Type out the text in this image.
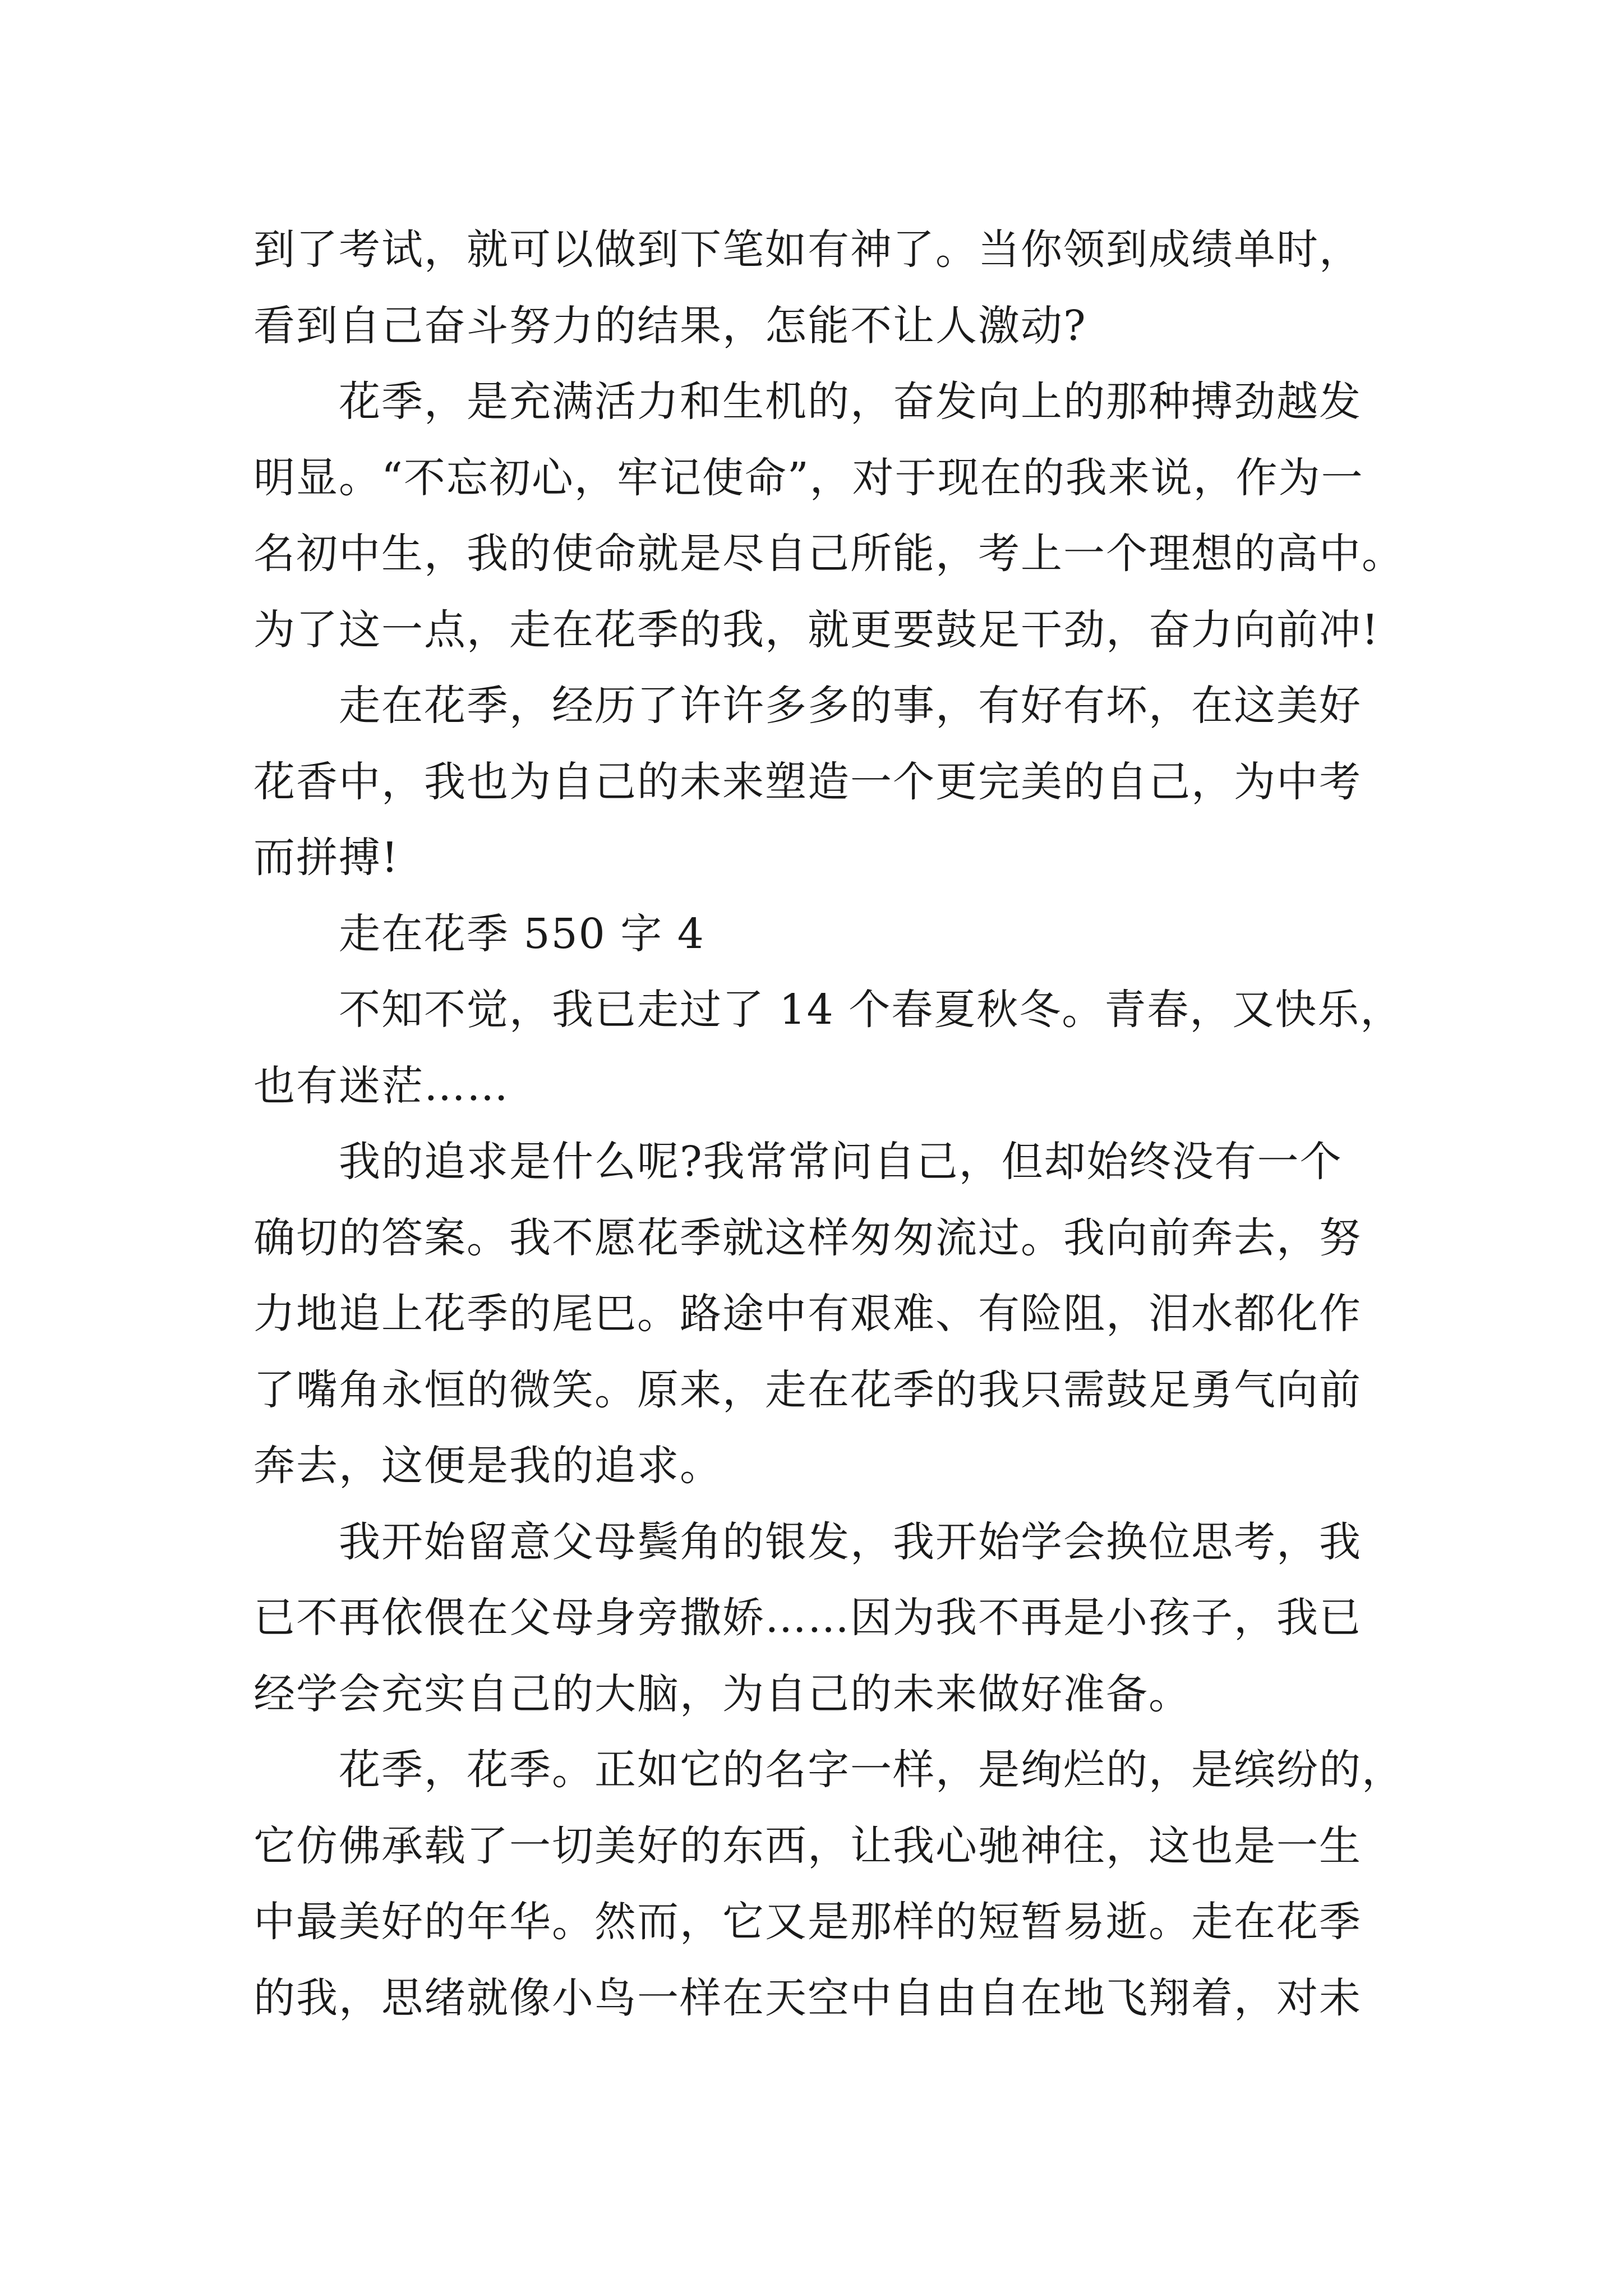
到了考试，就可以做到下笔如有神了。当你领到成绩单时，
看到自己奋斗努力的结果，怎能不让人激动?

　　花季，是充满活力和生机的，奋发向上的那种搏劲越发
明显。“不忘初心，牢记使命”，对于现在的我来说，作为一
名初中生，我的使命就是尽自己所能，考上一个理想的高中。
为了这一点，走在花季的我，就更要鼓足干劲，奋力向前冲!

　　走在花季，经历了许许多多的事，有好有坏，在这美好
花香中，我也为自己的未来塑造一个更完美的自己，为中考
而拼搏!

　　走在花季 550 字 4

　　不知不觉，我已走过了 14 个春夏秋冬。青春，又快乐，
也有迷茫……

　　我的追求是什么呢?我常常问自己，但却始终没有一个
确切的答案。我不愿花季就这样匆匆流过。我向前奔去，努
力地追上花季的尾巴。路途中有艰难、有险阻，泪水都化作
了嘴角永恒的微笑。原来，走在花季的我只需鼓足勇气向前
奔去，这便是我的追求。

　　我开始留意父母鬓角的银发，我开始学会换位思考，我
已不再依偎在父母身旁撒娇……因为我不再是小孩子，我已
经学会充实自己的大脑，为自己的未来做好准备。

　　花季，花季。正如它的名字一样，是绚烂的，是缤纷的，
它仿佛承载了一切美好的东西，让我心驰神往，这也是一生
中最美好的年华。然而，它又是那样的短暂易逝。走在花季
的我，思绪就像小鸟一样在天空中自由自在地飞翔着，对未
